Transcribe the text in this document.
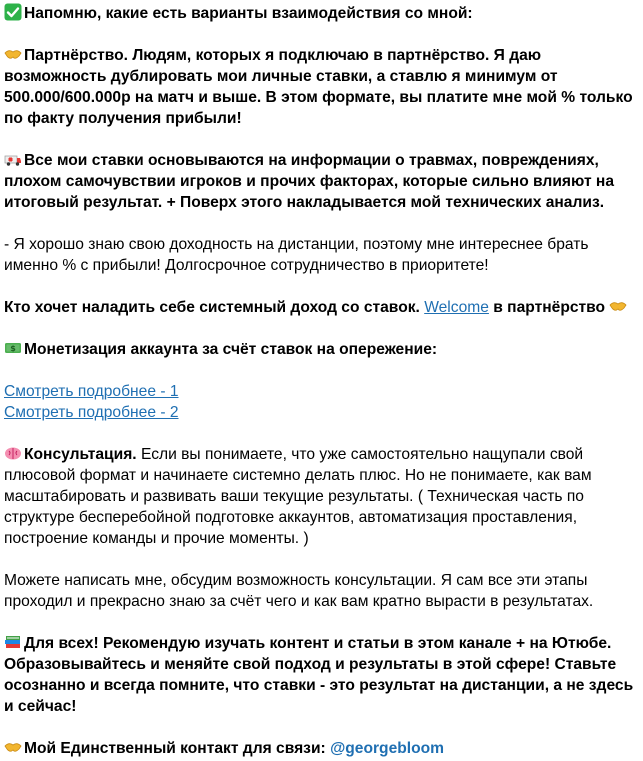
Напомню, какие есть варианты взаимодействия со мной:

Партнёрство. Людям, которых я подключаю в партнёрство. Я даю возможность дублировать мои личные ставки, а ставлю я минимум от 500.000/600.000р на матч и выше. В этом формате, вы платите мне мой % только по факту получения прибыли!

Все мои ставки основываются на информации о травмах, повреждениях, плохом самочувствии игроков и прочих факторах, которые сильно влияют на итоговый результат. + Поверх этого накладывается мой технических анализ.

- Я хорошо знаю свою доходность на дистанции, поэтому мне интереснее брать именно % с прибыли! Долгосрочное сотрудничество в приоритете!

Кто хочет наладить себе системный доход со ставок. Welcome в партнёрство

$ Монетизация аккаунта за счёт ставок на опережение:

Смотреть подробнее - 1
Смотреть подробнее - 2

Консультация. Если вы понимаете, что уже самостоятельно нащупали свой плюсовой формат и начинаете системно делать плюс. Но не понимаете, как вам масштабировать и развивать ваши текущие результаты. ( Техническая часть по структуре бесперебойной подготовке аккаунтов, автоматизация проставления, построение команды и прочие моменты. )

Можете написать мне, обсудим возможность консультации. Я сам все эти этапы проходил и прекрасно знаю за счёт чего и как вам кратно вырасти в результатах.

Для всех! Рекомендую изучать контент и статьи в этом канале + на Ютюбе. Образовывайтесь и меняйте свой подход и результаты в этой сфере! Ставьте осознанно и всегда помните, что ставки - это результат на дистанции, а не здесь и сейчас!

Мой Единственный контакт для связи: @georgebloom
